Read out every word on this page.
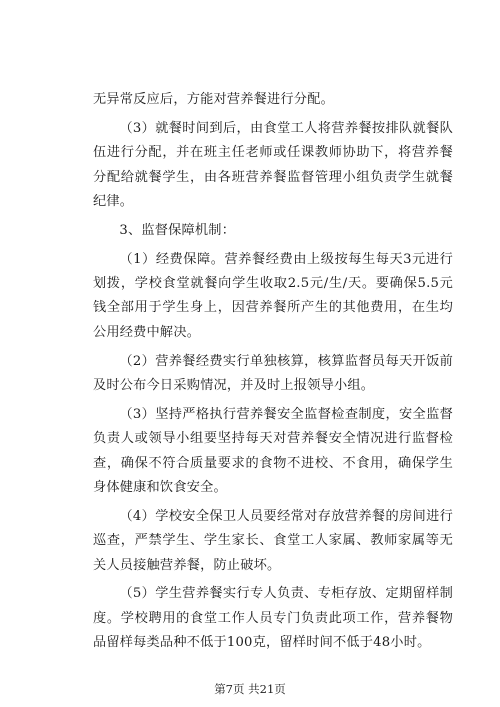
无异常反应后，方能对营养餐进行分配。

（3）就餐时间到后，由食堂工人将营养餐按排队就餐队伍进行分配，并在班主任老师或任课教师协助下，将营养餐分配给就餐学生，由各班营养餐监督管理小组负责学生就餐纪律。

3、监督保障机制：

（1）经费保障。营养餐经费由上级按每生每天3元进行划拨，学校食堂就餐向学生收取2.5元/生/天。要确保5.5元钱全部用于学生身上，因营养餐所产生的其他费用，在生均公用经费中解决。

（2）营养餐经费实行单独核算，核算监督员每天开饭前及时公布今日采购情况，并及时上报领导小组。

（3）坚持严格执行营养餐安全监督检查制度，安全监督负责人或领导小组要坚持每天对营养餐安全情况进行监督检查，确保不符合质量要求的食物不进校、不食用，确保学生身体健康和饮食安全。

（4）学校安全保卫人员要经常对存放营养餐的房间进行巡查，严禁学生、学生家长、食堂工人家属、教师家属等无关人员接触营养餐，防止破坏。

（5）学生营养餐实行专人负责、专柜存放、定期留样制度。学校聘用的食堂工作人员专门负责此项工作，营养餐物品留样每类品种不低于100克，留样时间不低于48小时。

第7页 共21页
